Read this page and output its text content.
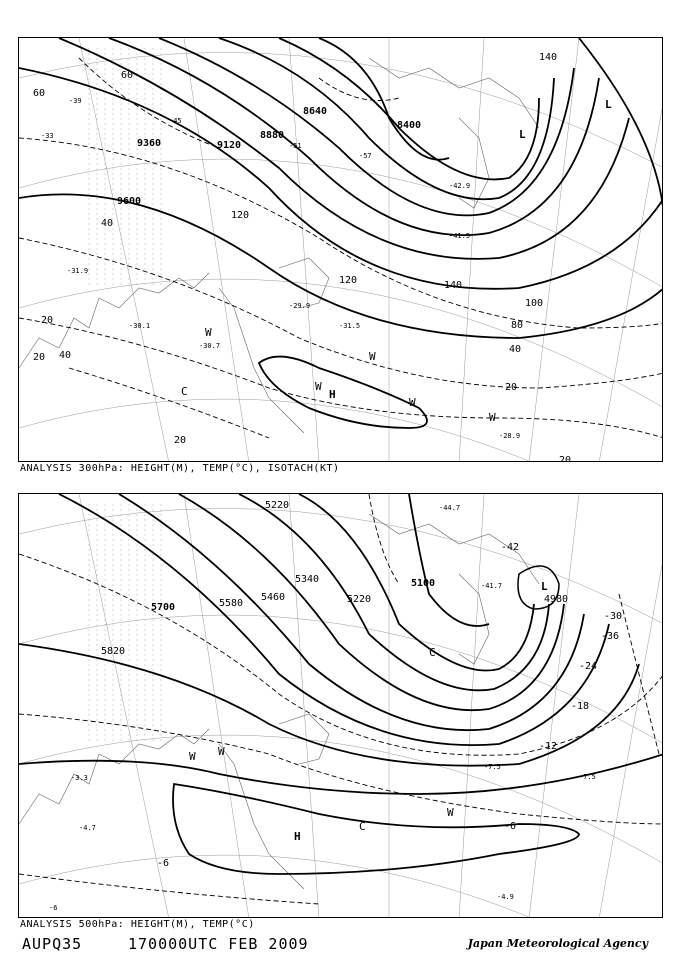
9360	9120
8880
8640
8400
9600
60
20
40
120
120	140
100
80
40
20
20
20
40
140
60
20
-39
-33
-45
-51
-57
-31.9
-30.1
-30.7
-29.9
-31.5
-42.9
-41.5
-28.9
L
W
H
W
W
W
C
W
L
ANALYSIS 300hPa: HEIGHT(M), TEMP(°C), ISOTACH(KT)
5700
5820
5580
5460
5340
5220
5220
5100
4980
-42
-36
-30
-24
-18
-12
-6
-6
-44.7
-41.7
-7.5
-7.5
-4.9
-3.3
-4.7
-6
L
C
W
W
H
C
W
ANALYSIS 500hPa: HEIGHT(M), TEMP(°C)
AUPQ35	170000UTC FEB 2009	Japan Meteorological Agency
